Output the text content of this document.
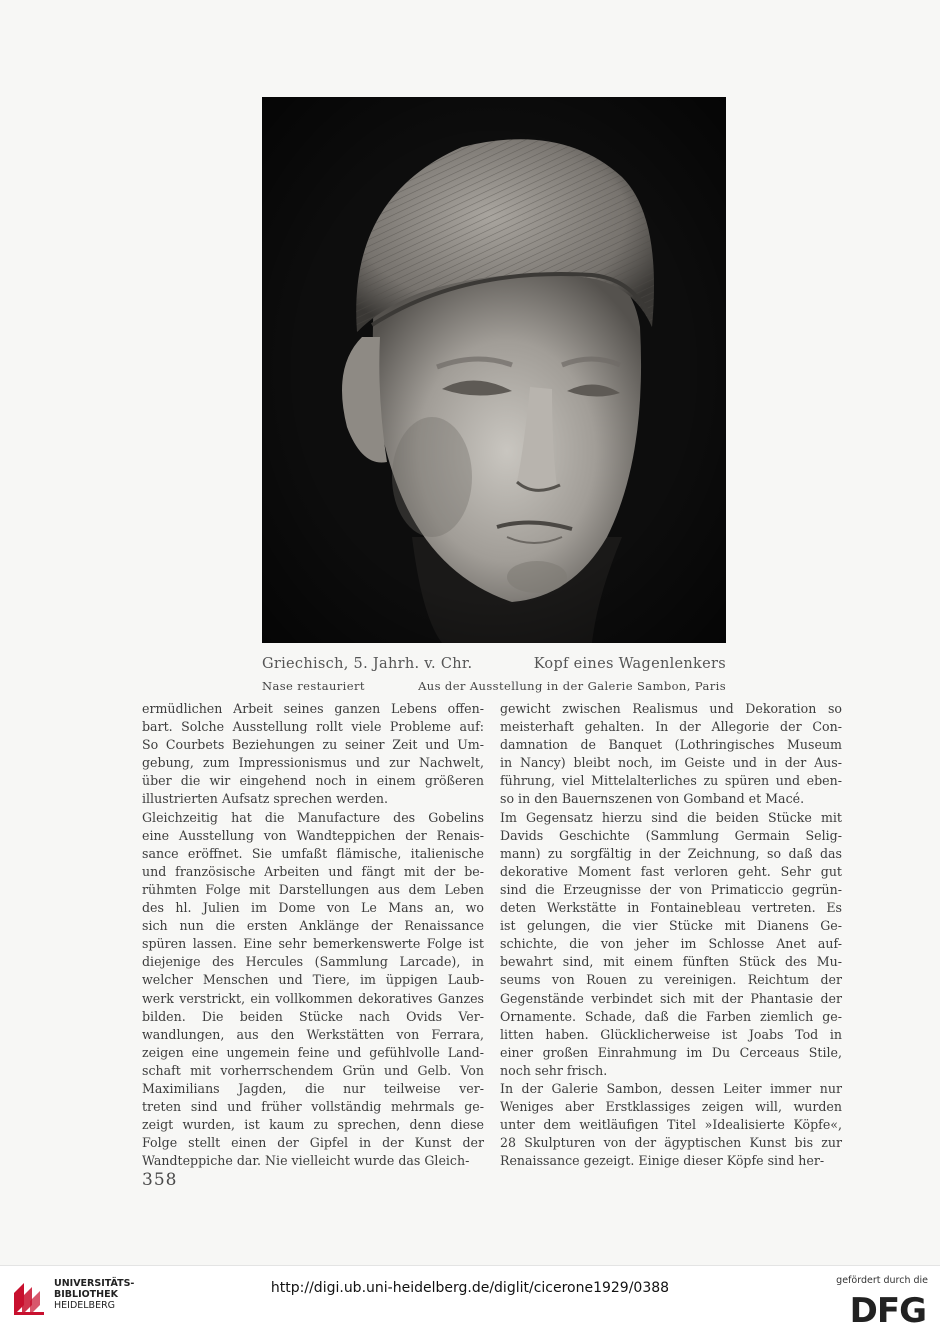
Griechisch, 5. Jahrh. v. Chr.	Kopf eines Wagenlenkers
Nase restauriert	Aus der Ausstellung in der Galerie Sambon, Paris
ermüdlichen Arbeit seines ganzen Lebens offen-
bart. Solche Ausstellung rollt viele Probleme auf:
So Courbets Beziehungen zu seiner Zeit und Um-
gebung, zum Impressionismus und zur Nachwelt,
über die wir eingehend noch in einem größeren
illustrierten Aufsatz sprechen werden.
Gleichzeitig hat die Manufacture des Gobelins
eine Ausstellung von Wandteppichen der Renais-
sance eröffnet. Sie umfaßt flämische, italienische
und französische Arbeiten und fängt mit der be-
rühmten Folge mit Darstellungen aus dem Leben
des hl. Julien im Dome von Le Mans an, wo
sich nun die ersten Anklänge der Renaissance
spüren lassen. Eine sehr bemerkenswerte Folge ist
diejenige des Hercules (Sammlung Larcade), in
welcher Menschen und Tiere, im üppigen Laub-
werk verstrickt, ein vollkommen dekoratives Ganzes
bilden. Die beiden Stücke nach Ovids Ver-
wandlungen, aus den Werkstätten von Ferrara,
zeigen eine ungemein feine und gefühlvolle Land-
schaft mit vorherrschendem Grün und Gelb. Von
Maximilians Jagden, die nur teilweise ver-
treten sind und früher vollständig mehrmals ge-
zeigt wurden, ist kaum zu sprechen, denn diese
Folge stellt einen der Gipfel in der Kunst der
Wandteppiche dar. Nie vielleicht wurde das Gleich-
gewicht zwischen Realismus und Dekoration so
meisterhaft gehalten. In der Allegorie der Con-
damnation de Banquet (Lothringisches Museum
in Nancy) bleibt noch, im Geiste und in der Aus-
führung, viel Mittelalterliches zu spüren und eben-
so in den Bauernszenen von Gomband et Macé.
Im Gegensatz hierzu sind die beiden Stücke mit
Davids Geschichte (Sammlung Germain Selig-
mann) zu sorgfältig in der Zeichnung, so daß das
dekorative Moment fast verloren geht. Sehr gut
sind die Erzeugnisse der von Primaticcio gegrün-
deten Werkstätte in Fontainebleau vertreten. Es
ist gelungen, die vier Stücke mit Dianens Ge-
schichte, die von jeher im Schlosse Anet auf-
bewahrt sind, mit einem fünften Stück des Mu-
seums von Rouen zu vereinigen. Reichtum der
Gegenstände verbindet sich mit der Phantasie der
Ornamente. Schade, daß die Farben ziemlich ge-
litten haben. Glücklicherweise ist Joabs Tod in
einer großen Einrahmung im Du Cerceaus Stile,
noch sehr frisch.
In der Galerie Sambon, dessen Leiter immer nur
Weniges aber Erstklassiges zeigen will, wurden
unter dem weitläufigen Titel »Idealisierte Köpfe«,
28 Skulpturen von der ägyptischen Kunst bis zur
Renaissance gezeigt. Einige dieser Köpfe sind her-
358
UNIVERSITÄTS-
BIBLIOTHEK
HEIDELBERG
http://digi.ub.uni-heidelberg.de/diglit/cicerone1929/0388	gefördert durch die
DFG
